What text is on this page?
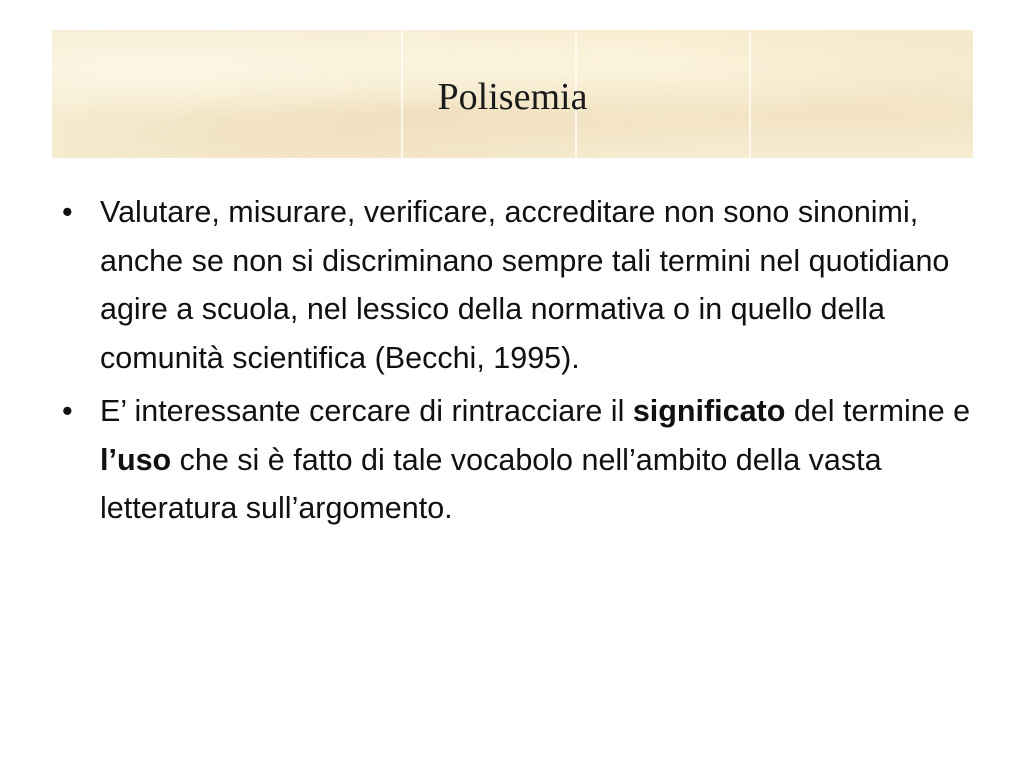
Polisemia
• Valutare, misurare, verificare, accreditare non sono sinonimi, anche se non si discriminano sempre tali termini nel quotidiano agire a scuola, nel lessico della normativa o in quello della comunità scientifica (Becchi, 1995).
• E’ interessante cercare di rintracciare il significato del termine e l’uso che si è fatto di tale vocabolo nell’ambito della vasta letteratura sull’argomento.
